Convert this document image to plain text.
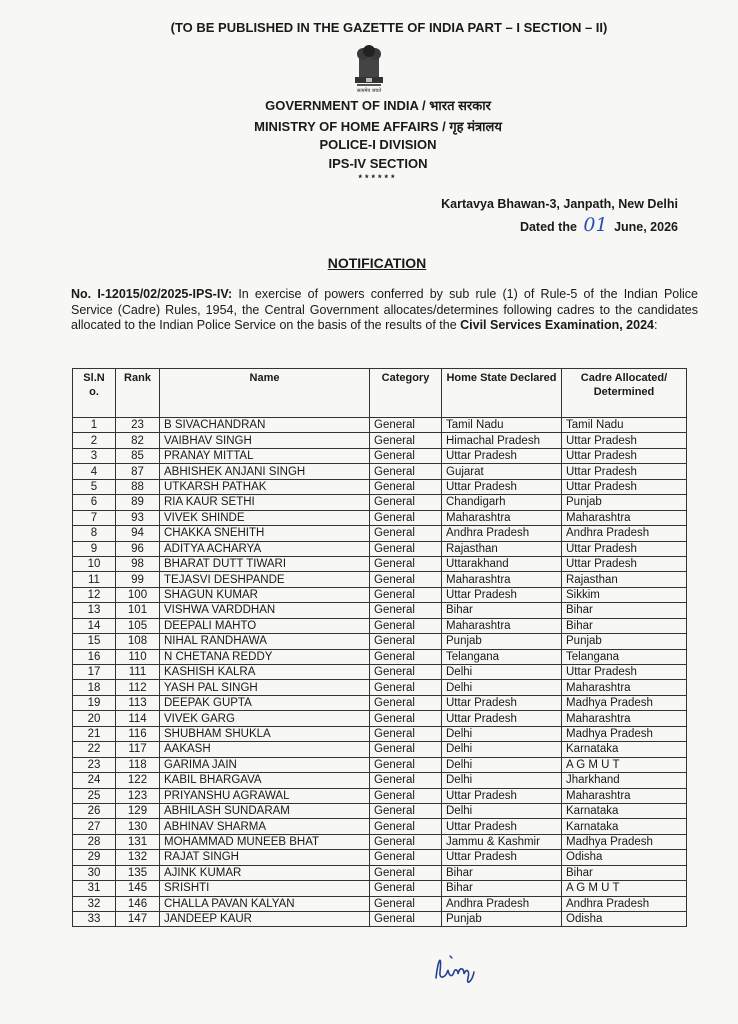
(TO BE PUBLISHED IN THE GAZETTE OF INDIA PART – I SECTION – II)
सत्यमेव जयते
GOVERNMENT OF INDIA / भारत सरकार
MINISTRY OF HOME AFFAIRS / गृह मंत्रालय
POLICE-I DIVISION
IPS-IV SECTION
******
Kartavya Bhawan-3, Janpath, New Delhi
Dated the 01 June, 2026
NOTIFICATION
No. I-12015/02/2025-IPS-IV: In exercise of powers conferred by sub rule (1) of Rule-5 of the Indian Police Service (Cadre) Rules, 1954, the Central Government allocates/determines following cadres to the candidates allocated to the Indian Police Service on the basis of the results of the Civil Services Examination, 2024:
Sl.N o.	Rank	Name	Category	Home State Declared	Cadre Allocated/ Determined
1	23	B SIVACHANDRAN	General	Tamil Nadu	Tamil Nadu
2	82	VAIBHAV SINGH	General	Himachal Pradesh	Uttar Pradesh
3	85	PRANAY MITTAL	General	Uttar Pradesh	Uttar Pradesh
4	87	ABHISHEK ANJANI SINGH	General	Gujarat	Uttar Pradesh
5	88	UTKARSH PATHAK	General	Uttar Pradesh	Uttar Pradesh
6	89	RIA KAUR SETHI	General	Chandigarh	Punjab
7	93	VIVEK SHINDE	General	Maharashtra	Maharashtra
8	94	CHAKKA SNEHITH	General	Andhra Pradesh	Andhra Pradesh
9	96	ADITYA ACHARYA	General	Rajasthan	Uttar Pradesh
10	98	BHARAT DUTT TIWARI	General	Uttarakhand	Uttar Pradesh
11	99	TEJASVI DESHPANDE	General	Maharashtra	Rajasthan
12	100	SHAGUN KUMAR	General	Uttar Pradesh	Sikkim
13	101	VISHWA VARDDHAN	General	Bihar	Bihar
14	105	DEEPALI MAHTO	General	Maharashtra	Bihar
15	108	NIHAL RANDHAWA	General	Punjab	Punjab
16	110	N CHETANA REDDY	General	Telangana	Telangana
17	111	KASHISH KALRA	General	Delhi	Uttar Pradesh
18	112	YASH PAL SINGH	General	Delhi	Maharashtra
19	113	DEEPAK GUPTA	General	Uttar Pradesh	Madhya Pradesh
20	114	VIVEK GARG	General	Uttar Pradesh	Maharashtra
21	116	SHUBHAM SHUKLA	General	Delhi	Madhya Pradesh
22	117	AAKASH	General	Delhi	Karnataka
23	118	GARIMA JAIN	General	Delhi	A G M U T
24	122	KABIL BHARGAVA	General	Delhi	Jharkhand
25	123	PRIYANSHU AGRAWAL	General	Uttar Pradesh	Maharashtra
26	129	ABHILASH SUNDARAM	General	Delhi	Karnataka
27	130	ABHINAV SHARMA	General	Uttar Pradesh	Karnataka
28	131	MOHAMMAD MUNEEB BHAT	General	Jammu & Kashmir	Madhya Pradesh
29	132	RAJAT SINGH	General	Uttar Pradesh	Odisha
30	135	AJINK KUMAR	General	Bihar	Bihar
31	145	SRISHTI	General	Bihar	A G M U T
32	146	CHALLA PAVAN KALYAN	General	Andhra Pradesh	Andhra Pradesh
33	147	JANDEEP KAUR	General	Punjab	Odisha
